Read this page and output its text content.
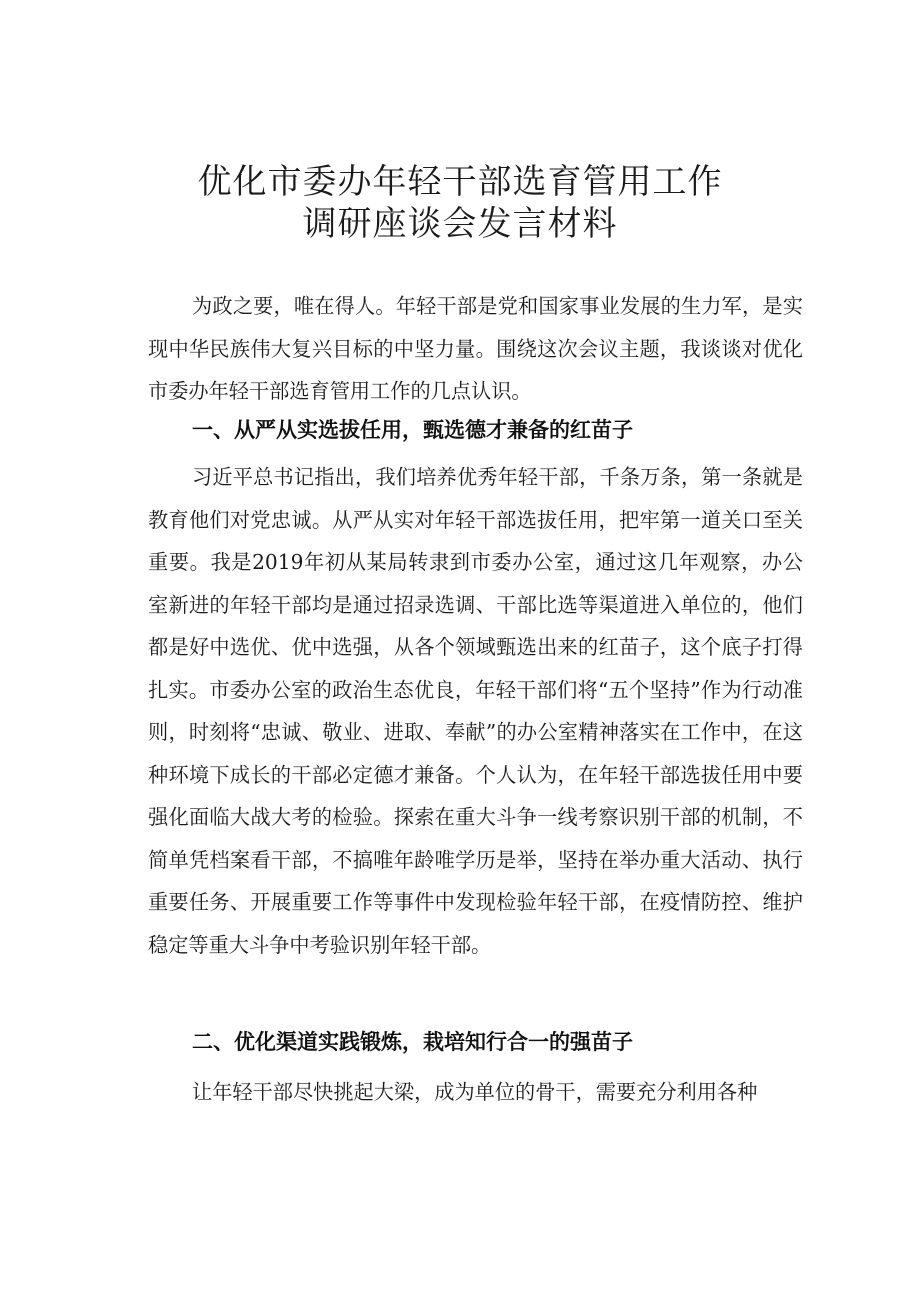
优化市委办年轻干部选育管用工作
调研座谈会发言材料

为政之要，唯在得人。年轻干部是党和国家事业发展的生力军，是实现中华民族伟大复兴目标的中坚力量。围绕这次会议主题，我谈谈对优化市委办年轻干部选育管用工作的几点认识。

一、从严从实选拔任用，甄选德才兼备的红苗子

习近平总书记指出，我们培养优秀年轻干部，千条万条，第一条就是教育他们对党忠诚。从严从实对年轻干部选拔任用，把牢第一道关口至关重要。我是2019年初从某局转隶到市委办公室，通过这几年观察，办公室新进的年轻干部均是通过招录选调、干部比选等渠道进入单位的，他们都是好中选优、优中选强，从各个领域甄选出来的红苗子，这个底子打得扎实。市委办公室的政治生态优良，年轻干部们将“五个坚持”作为行动准则，时刻将“忠诚、敬业、进取、奉献”的办公室精神落实在工作中，在这种环境下成长的干部必定德才兼备。个人认为，在年轻干部选拔任用中要强化面临大战大考的检验。探索在重大斗争一线考察识别干部的机制，不简单凭档案看干部，不搞唯年龄唯学历是举，坚持在举办重大活动、执行重要任务、开展重要工作等事件中发现检验年轻干部，在疫情防控、维护稳定等重大斗争中考验识别年轻干部。

二、优化渠道实践锻炼，栽培知行合一的强苗子

让年轻干部尽快挑起大梁，成为单位的骨干，需要充分利用各种
